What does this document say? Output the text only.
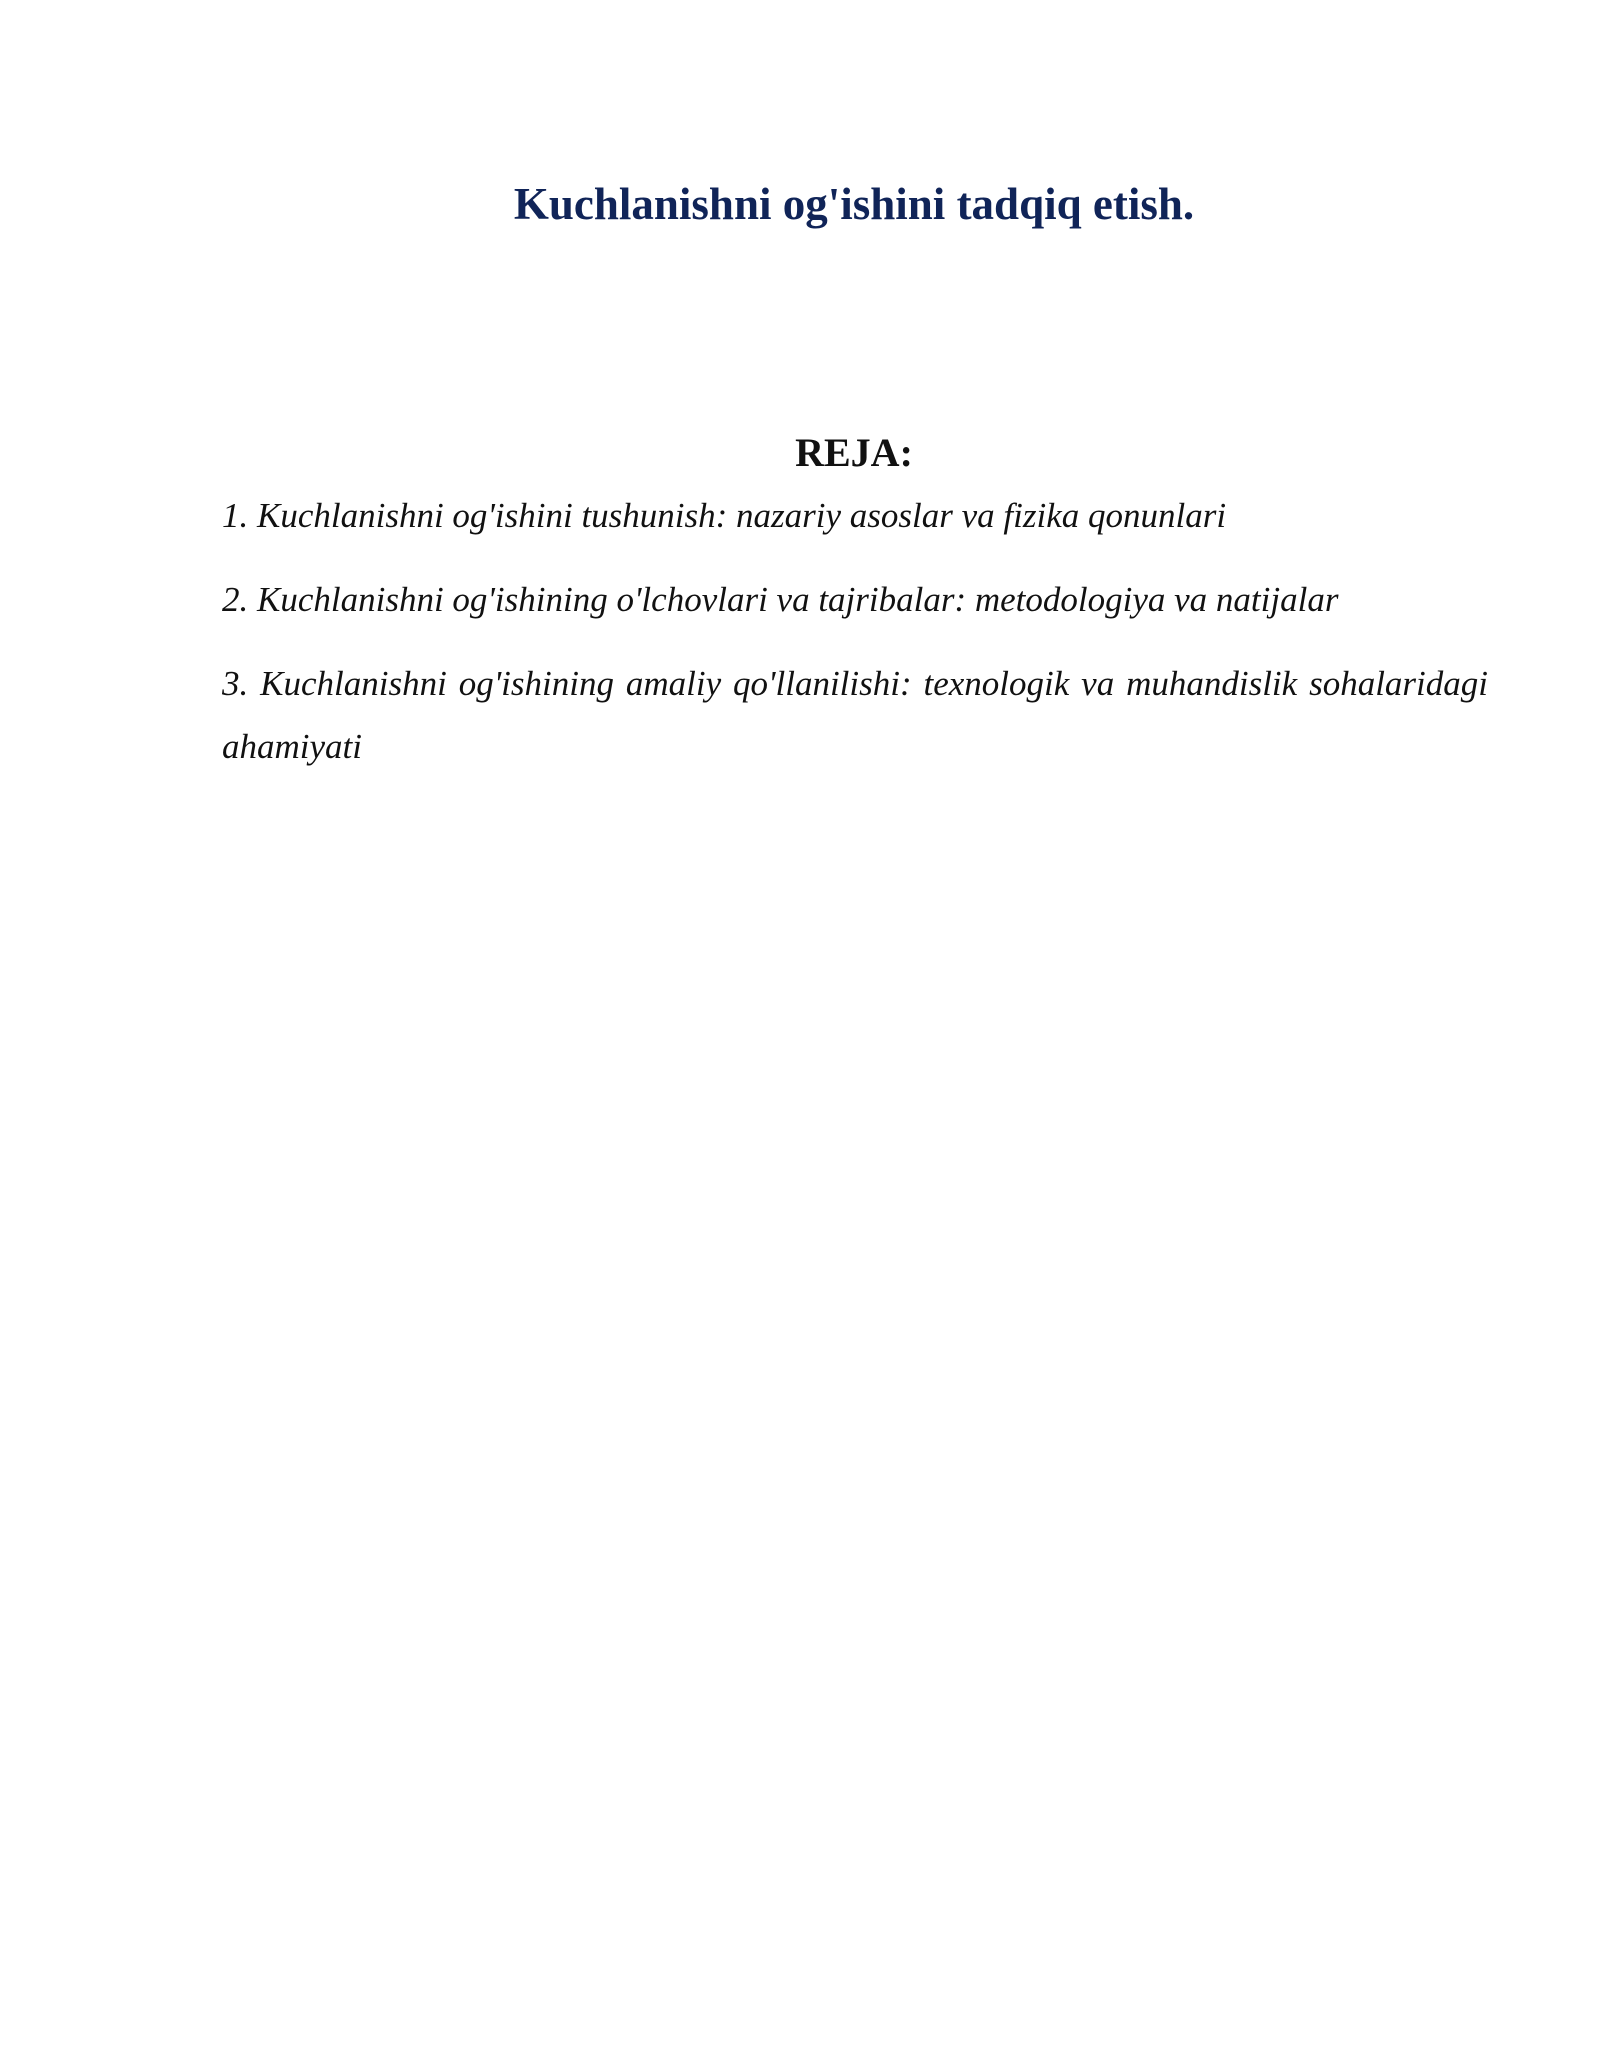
Kuchlanishni og'ishini tadqiq etish.
REJA:
1. Kuchlanishni og'ishini tushunish: nazariy asoslar va fizika qonunlari
2. Kuchlanishni og'ishining o'lchovlari va tajribalar: metodologiya va natijalar
3. Kuchlanishni og'ishining amaliy qo'llanilishi: texnologik va muhandislik sohalaridagi ahamiyati
